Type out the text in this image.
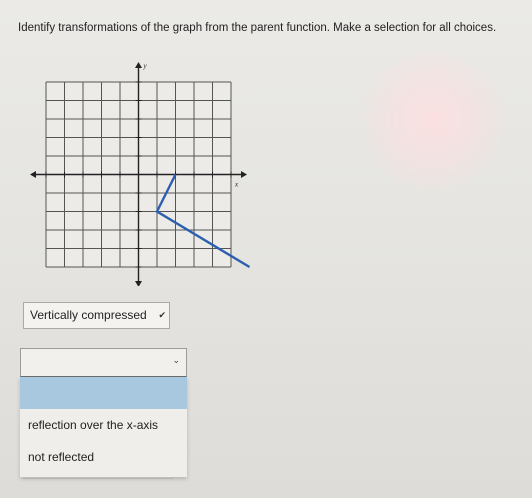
Identify transformations of the graph from the parent function. Make a selection for all choices.
x
y
Vertically compressed ✔
⌄
reflection over the x-axis
not reflected
